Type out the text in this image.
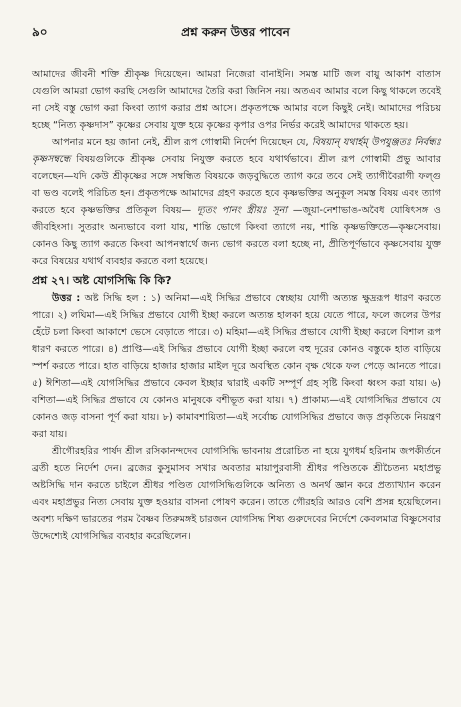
৯০	প্রশ্ন করুন উত্তর পাবেন

আমাদের জীবনী শক্তি শ্রীকৃষ্ণ দিয়েছেন। আমরা নিজেরা বানাইনি। সমস্ত মাটি জল বায়ু আকাশ বাতাস যেগুলি আমরা ভোগ করছি সেগুলি আমাদের তৈরি করা জিনিস নয়। অতএব আমার বলে কিছু থাকলে তবেই না সেই বস্তু ভোগ করা কিংবা ত্যাগ করার প্রশ্ন আসে। প্রকৃতপক্ষে আমার বলে কিছুই নেই। আমাদের পরিচয় হচ্ছে “নিত্য কৃষ্ণদাস” কৃষ্ণের সেবায় যুক্ত হয়ে কৃষ্ণের কৃপার ওপর নির্ভর করেই আমাদের থাকতে হয়।

আপনার মনে হয় জানা নেই, শ্রীল রূপ গোস্বামী নির্দেশ দিয়েছেন যে, বিষয়ান্ যথার্হম্ উপযুঞ্জতঃ নির্বন্ধঃ কৃষ্ণসম্বন্ধে বিষয়গুলিকে শ্রীকৃষ্ণ সেবায় নিযুক্ত করতে হবে যথার্থভাবে। শ্রীল রূপ গোস্বামী প্রভু আবার বলেছেন—যদি কেউ শ্রীকৃষ্ণের সঙ্গে সম্বন্ধিত বিষয়কে জড়বুদ্ধিতে ত্যাগ করে তবে সেই ত্যাগীবৈরাগী ফল্গু বা ভণ্ড বলেই পরিচিত হন। প্রকৃতপক্ষে আমাদের গ্রহণ করতে হবে কৃষ্ণভক্তির অনুকূল সমস্ত বিষয় এবং ত্যাগ করতে হবে কৃষ্ণভক্তির প্রতিকূল বিষয়— দ্যূতং পানং স্ত্রীয়ঃ সূনা —জুয়া-নেশাভাঙ-অবৈধ যোষিৎসঙ্গ ও জীবহিংসা। সুতরাং অন্যভাবে বলা যায়, শান্তি ভোগে কিংবা ত্যাগে নয়, শান্তি কৃষ্ণভক্তিতে—কৃষ্ণসেবায়। কোনও কিছু ত্যাগ করতে কিংবা আপনস্বার্থে জন্য ভোগ করতে বলা হচ্ছে না, প্রীতিপূর্ণভাবে কৃষ্ণসেবায় যুক্ত করে বিষয়ের যথার্থ ব্যবহার করতে বলা হয়েছে।

প্রশ্ন ২৭। অষ্ট যোগসিদ্ধি কি কি?

উত্তর : অষ্ট সিদ্ধি হল : ১) অনিমা—এই সিদ্ধির প্রভাবে স্বেচ্ছায় যোগী অত্যন্ত ক্ষুদ্ররূপ ধারণ করতে পারে। ২) লঘিমা—এই সিদ্ধির প্রভাবে যোগী ইচ্ছা করলে অত্যন্ত হালকা হয়ে যেতে পারে, ফলে জলের উপর হেঁটে চলা কিংবা আকাশে ভেসে বেড়াতে পারে। ৩) মহিমা—এই সিদ্ধির প্রভাবে যোগী ইচ্ছা করলে বিশাল রূপ ধারণ করতে পারে। ৪) প্রাপ্তি—এই সিদ্ধির প্রভাবে যোগী ইচ্ছা করলে বহু দূরের কোনও বস্তুকে হাত বাড়িয়ে স্পর্শ করতে পারে। হাত বাড়িয়ে হাজার হাজার মাইল দূরে অবস্থিত কোন বৃক্ষ থেকে ফল পেড়ে আনতে পারে। ৫) ঈশিতা—এই যোগসিদ্ধির প্রভাবে কেবল ইচ্ছার দ্বারাই একটি সম্পূর্ণ গ্রহ সৃষ্টি কিংবা ধ্বংস করা যায়। ৬) বশিতা—এই সিদ্ধির প্রভাবে যে কোনও মানুষকে বশীভূত করা যায়। ৭) প্রাকাম্য—এই যোগসিদ্ধির প্রভাবে যে কোনও জড় বাসনা পূর্ণ করা যায়। ৮) কামাবশায়িতা—এই সর্বোচ্চ যোগসিদ্ধির প্রভাবে জড় প্রকৃতিকে নিয়ন্ত্রণ করা যায়।

শ্রীগৌরহরির পার্ষদ শ্রীল রসিকানন্দদেব যোগসিদ্ধি ভাবনায় প্ররোচিত না হয়ে যুগধর্ম হরিনাম জপকীর্তনে ব্রতী হতে নির্দেশ দেন। ব্রজের কুসুমাসব সখার অবতার মায়াপুরবাসী শ্রীধর পণ্ডিতকে শ্রীচৈতন্য মহাপ্রভু অষ্টসিদ্ধি দান করতে চাইলে শ্রীধর পণ্ডিত যোগসিদ্ধিগুলিকে অনিত্য ও অনর্থ জ্ঞান করে প্রত্যাখ্যান করেন এবং মহাপ্রভুর নিত্য সেবায় যুক্ত হওয়ার বাসনা পোষণ করেন। তাতে গৌরহরি আরও বেশি প্রসন্ন হয়েছিলেন। অবশ্য দক্ষিণ ভারতের পরম বৈষ্ণব তিরুমঙ্গই চারজন যোগসিদ্ধ শিষ্য গুরুদেবের নির্দেশে কেবলমাত্র বিষ্ণুসেবার উদ্দেশ্যেই যোগসিদ্ধির ব্যবহার করেছিলেন।
